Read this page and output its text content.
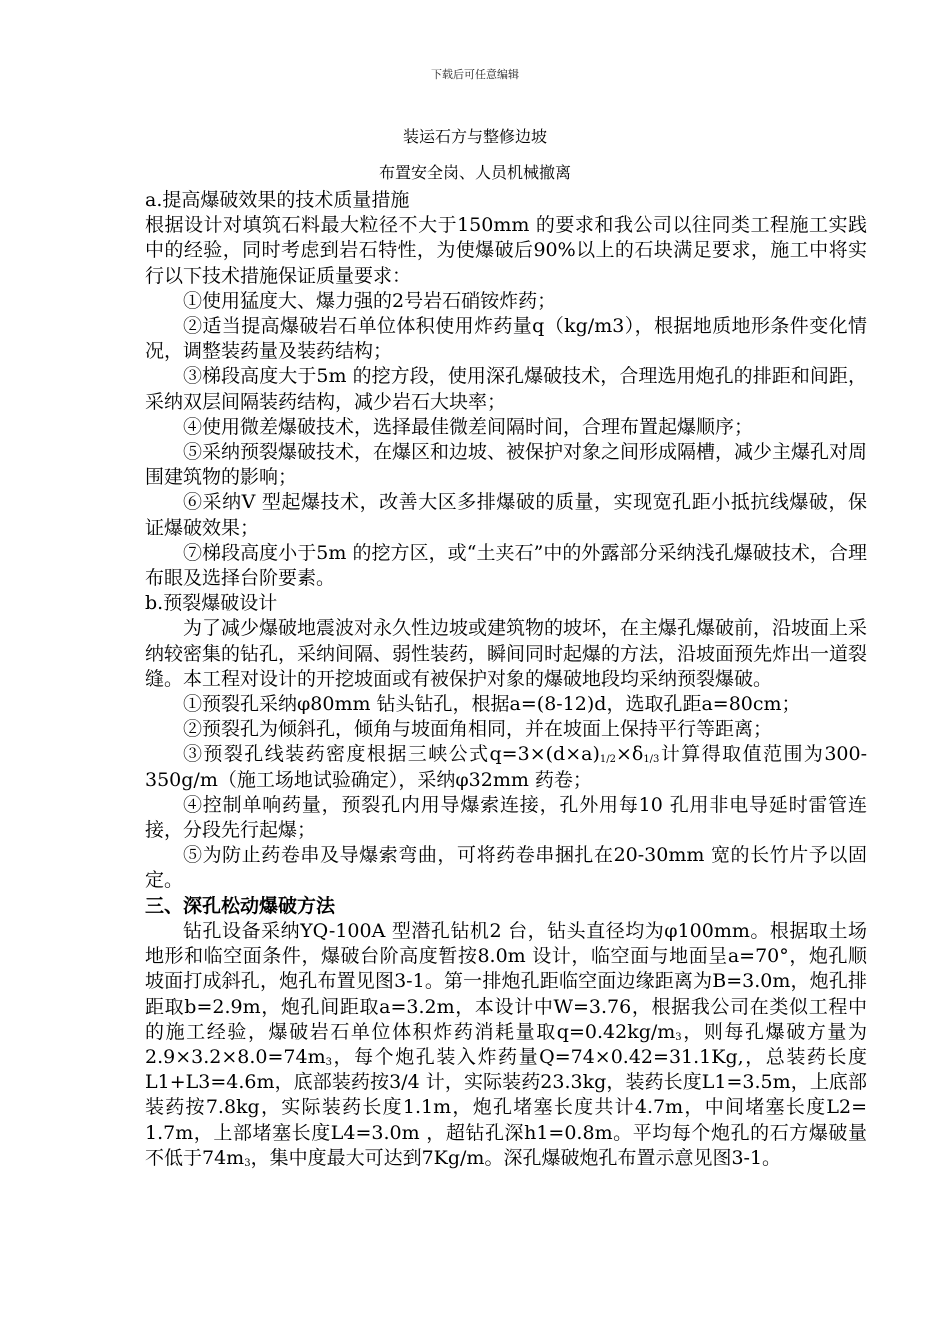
下载后可任意编辑
装运石方与整修边坡
布置安全岗、人员机械撤离

a.提高爆破效果的技术质量措施

根据设计对填筑石料最大粒径不大于150mm 的要求和我公司以往同类工程施工实践中的经验，同时考虑到岩石特性，为使爆破后90%以上的石块满足要求，施工中将实行以下技术措施保证质量要求：

①使用猛度大、爆力强的2号岩石硝铵炸药；

②适当提高爆破岩石单位体积使用炸药量q（kg/m3），根据地质地形条件变化情况，调整装药量及装药结构；

③梯段高度大于5m 的挖方段，使用深孔爆破技术，合理选用炮孔的排距和间距，采纳双层间隔装药结构，减少岩石大块率；

④使用微差爆破技术，选择最佳微差间隔时间，合理布置起爆顺序；

⑤采纳预裂爆破技术，在爆区和边坡、被保护对象之间形成隔槽，减少主爆孔对周围建筑物的影响；

⑥采纳V 型起爆技术，改善大区多排爆破的质量，实现宽孔距小抵抗线爆破，保证爆破效果；

⑦梯段高度小于5m 的挖方区，或“土夹石”中的外露部分采纳浅孔爆破技术，合理布眼及选择台阶要素。

b.预裂爆破设计

为了减少爆破地震波对永久性边坡或建筑物的坡坏，在主爆孔爆破前，沿坡面上采纳较密集的钻孔，采纳间隔、弱性装药，瞬间同时起爆的方法，沿坡面预先炸出一道裂缝。本工程对设计的开挖坡面或有被保护对象的爆破地段均采纳预裂爆破。

①预裂孔采纳φ80mm 钻头钻孔，根据a=(8-12)d，选取孔距a=80cm；

②预裂孔为倾斜孔，倾角与坡面角相同，并在坡面上保持平行等距离；

③预裂孔线装药密度根据三峡公式$q=3\times(d\times a)_{1/2}\times\delta_{1/3}$计算得取值范围为300-350g/m（施工场地试验确定），采纳φ32mm 药卷；

④控制单响药量，预裂孔内用导爆索连接，孔外用每10 孔用非电导延时雷管连接，分段先行起爆；

⑤为防止药卷串及导爆索弯曲，可将药卷串捆扎在20-30mm 宽的长竹片予以固定。

三、深孔松动爆破方法

钻孔设备采纳YQ-100A 型潜孔钻机2 台，钻头直径均为φ100mm。根据取土场地形和临空面条件，爆破台阶高度暂按8.0m 设计，临空面与地面呈a=70°，炮孔顺坡面打成斜孔，炮孔布置见图3-1。第一排炮孔距临空面边缘距离为B=3.0m，炮孔排距取b=2.9m，炮孔间距取a=3.2m，本设计中W=3.76，根据我公司在类似工程中的施工经验，爆破岩石单位体积炸药消耗量取$q=0.42kg/m_3$，则每孔爆破方量为$2.9\times 3.2\times 8.0=74m_3$，每个炮孔装入炸药量Q=74×0.42=31.1Kg,，总装药长度L1+L3=4.6m，底部装药按3/4 计，实际装药23.3kg，装药长度L1=3.5m，上底部装药按7.8kg，实际装药长度1.1m，炮孔堵塞长度共计4.7m，中间堵塞长度L2= 1.7m，上部堵塞长度L4=3.0m ，超钻孔深h1=0.8m。平均每个炮孔的石方爆破量不低于$74m_3$，集中度最大可达到7Kg/m。深孔爆破炮孔布置示意见图3-1。
